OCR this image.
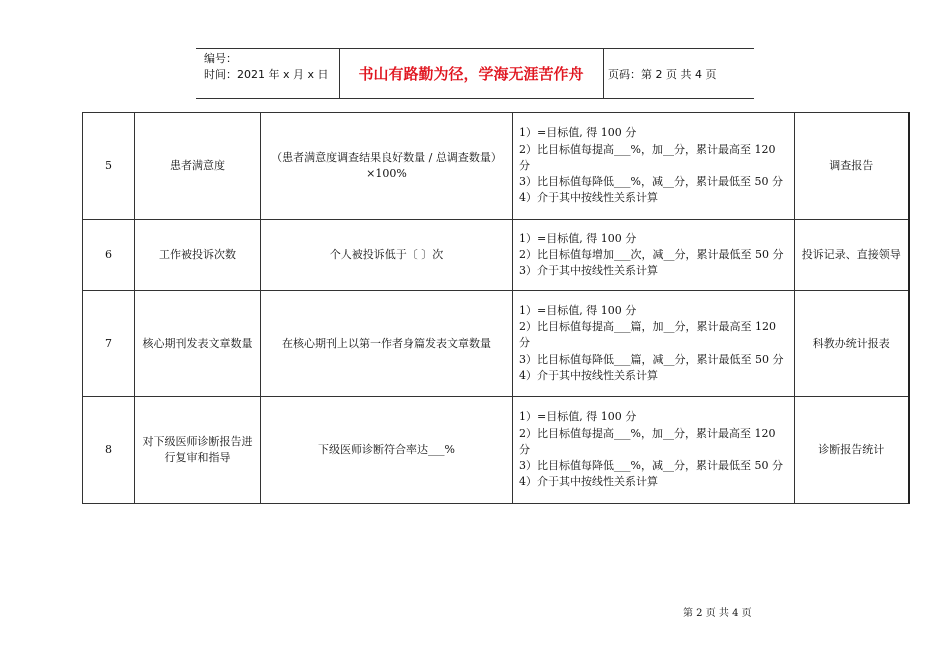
编号：
时间：2021 年 x 月 x 日	书山有路勤为径，学海无涯苦作舟	页码：第 2 页 共 4 页
5	患者满意度	（患者满意度调查结果良好数量 / 总调查数量）×100%	1）=目标值, 得 100 分
2）比目标值每提高___%，加__分，累计最高至 120 分
3）比目标值每降低___%，减__分，累计最低至 50 分
4）介于其中按线性关系计算	调查报告
6	工作被投诉次数	个人被投诉低于〔 〕次	1）=目标值, 得 100 分
2）比目标值每增加___次，减__分，累计最低至 50 分
3）介于其中按线性关系计算	投诉记录、直接领导
7	核心期刊发表文章数量	在核心期刊上以第一作者身篇发表文章数量	1）=目标值, 得 100 分
2）比目标值每提高___篇，加__分，累计最高至 120 分
3）比目标值每降低___篇，减__分，累计最低至 50 分
4）介于其中按线性关系计算	科教办统计报表
8	对下级医师诊断报告进行复审和指导	下级医师诊断符合率达___%	1）=目标值, 得 100 分
2）比目标值每提高___%，加__分，累计最高至 120 分
3）比目标值每降低___%，减__分，累计最低至 50 分
4）介于其中按线性关系计算	诊断报告统计
第 2 页 共 4 页
